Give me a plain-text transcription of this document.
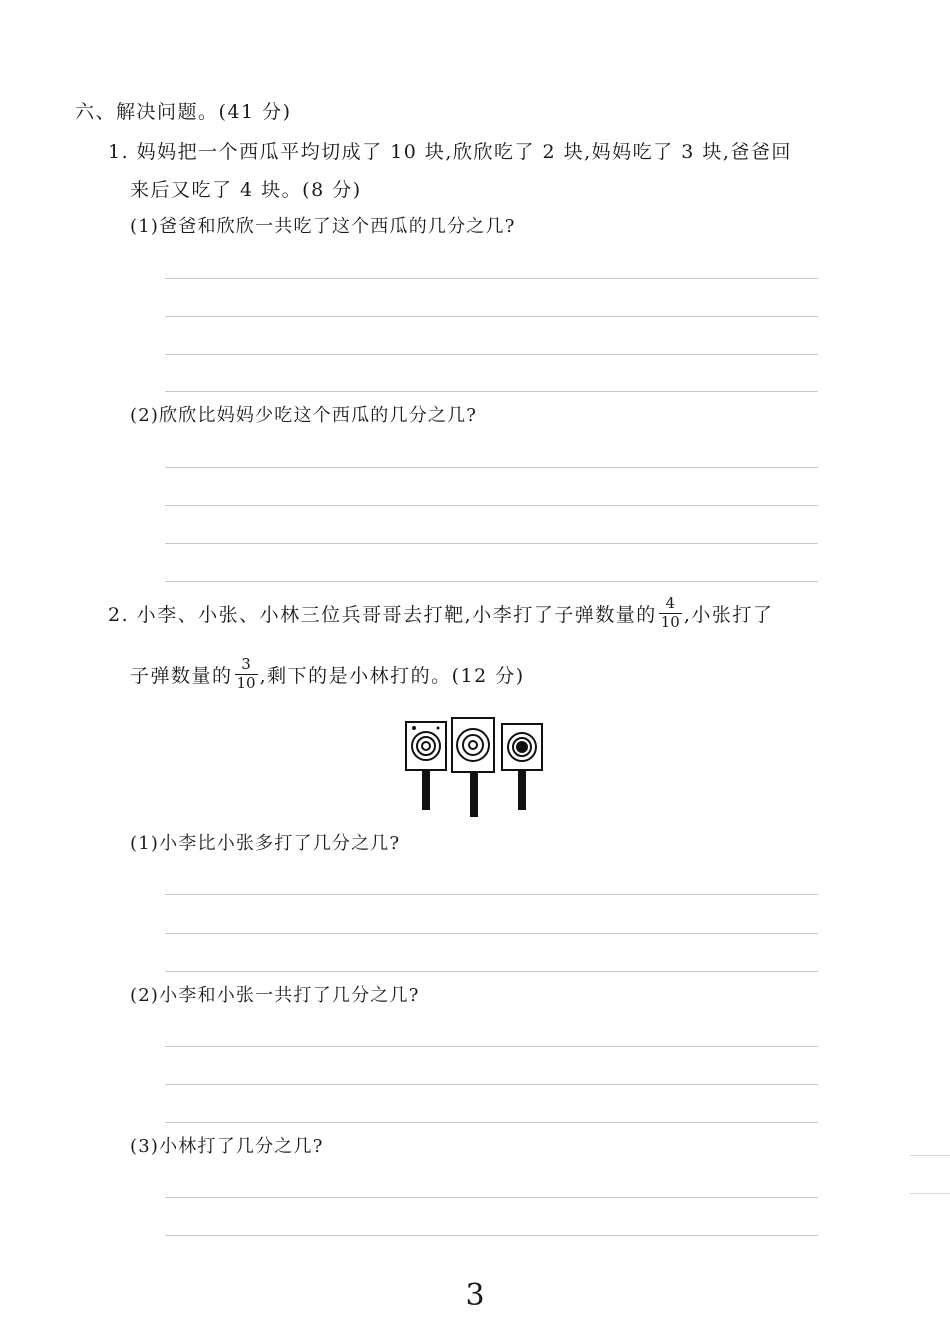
六、解决问题。(41 分)
1. 妈妈把一个西瓜平均切成了 10 块,欣欣吃了 2 块,妈妈吃了 3 块,爸爸回
来后又吃了 4 块。(8 分)
(1)爸爸和欣欣一共吃了这个西瓜的几分之几?
(2)欣欣比妈妈少吃这个西瓜的几分之几?
2. 小李、小张、小林三位兵哥哥去打靶,小李打了子弹数量的 $\frac{4}{10}$ ,小张打了
子弹数量的 $\frac{3}{10}$ ,剩下的是小林打的。(12 分)
(1)小李比小张多打了几分之几?
(2)小李和小张一共打了几分之几?
(3)小林打了几分之几?
3
